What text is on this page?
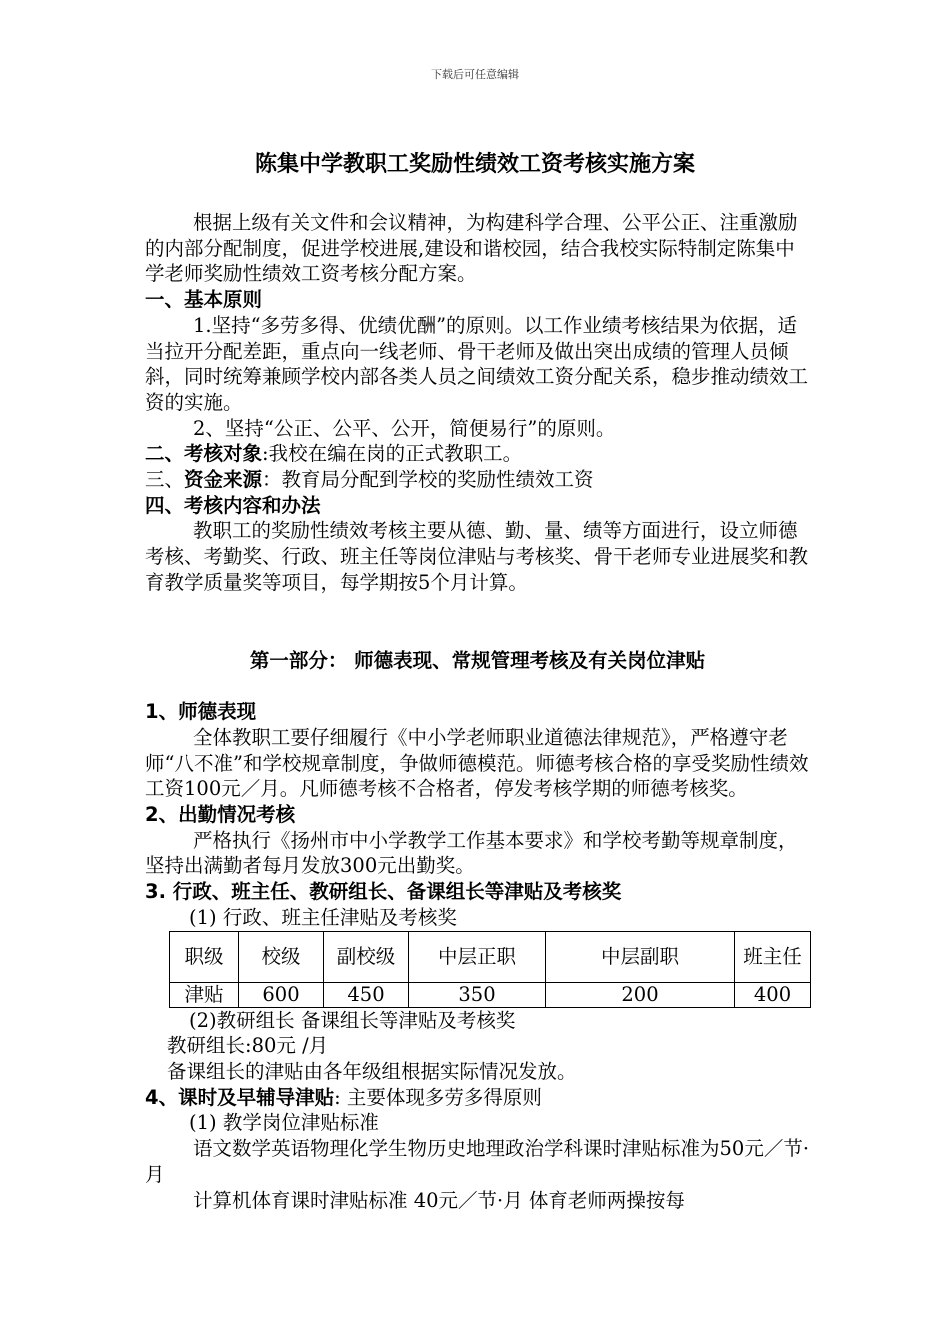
下载后可任意编辑
陈集中学教职工奖励性绩效工资考核实施方案

根据上级有关文件和会议精神，为构建科学合理、公平公正、注重激励的内部分配制度，促进学校进展,建设和谐校园，结合我校实际特制定陈集中学老师奖励性绩效工资考核分配方案。

一、基本原则

1.坚持“多劳多得、优绩优酬”的原则。以工作业绩考核结果为依据，适当拉开分配差距，重点向一线老师、骨干老师及做出突出成绩的管理人员倾斜，同时统筹兼顾学校内部各类人员之间绩效工资分配关系，稳步推动绩效工资的实施。

2、坚持“公正、公平、公开，简便易行”的原则。

二、考核对象:我校在编在岗的正式教职工。

三、资金来源：教育局分配到学校的奖励性绩效工资

四、考核内容和办法

教职工的奖励性绩效考核主要从德、勤、量、绩等方面进行，设立师德考核、考勤奖、行政、班主任等岗位津贴与考核奖、骨干老师专业进展奖和教育教学质量奖等项目，每学期按5个月计算。

第一部分： 师德表现、常规管理考核及有关岗位津贴

1、师德表现

全体教职工要仔细履行《中小学老师职业道德法律规范》，严格遵守老师“八不准”和学校规章制度，争做师德模范。师德考核合格的享受奖励性绩效工资100元／月。凡师德考核不合格者，停发考核学期的师德考核奖。

2、出勤情况考核

严格执行《扬州市中小学教学工作基本要求》和学校考勤等规章制度，坚持出满勤者每月发放300元出勤奖。

3. 行政、班主任、教研组长、备课组长等津贴及考核奖

(1) 行政、班主任津贴及考核奖

职级	校级	副校级	中层正职	中层副职	班主任
津贴	600	450	350	200	400

(2)教研组长 备课组长等津贴及考核奖

教研组长:80元 /月

备课组长的津贴由各年级组根据实际情况发放。

4、课时及早辅导津贴: 主要体现多劳多得原则

(1) 教学岗位津贴标准

语文数学英语物理化学生物历史地理政治学科课时津贴标准为50元／节·月

计算机体育课时津贴标准 40元／节·月 体育老师两操按每
